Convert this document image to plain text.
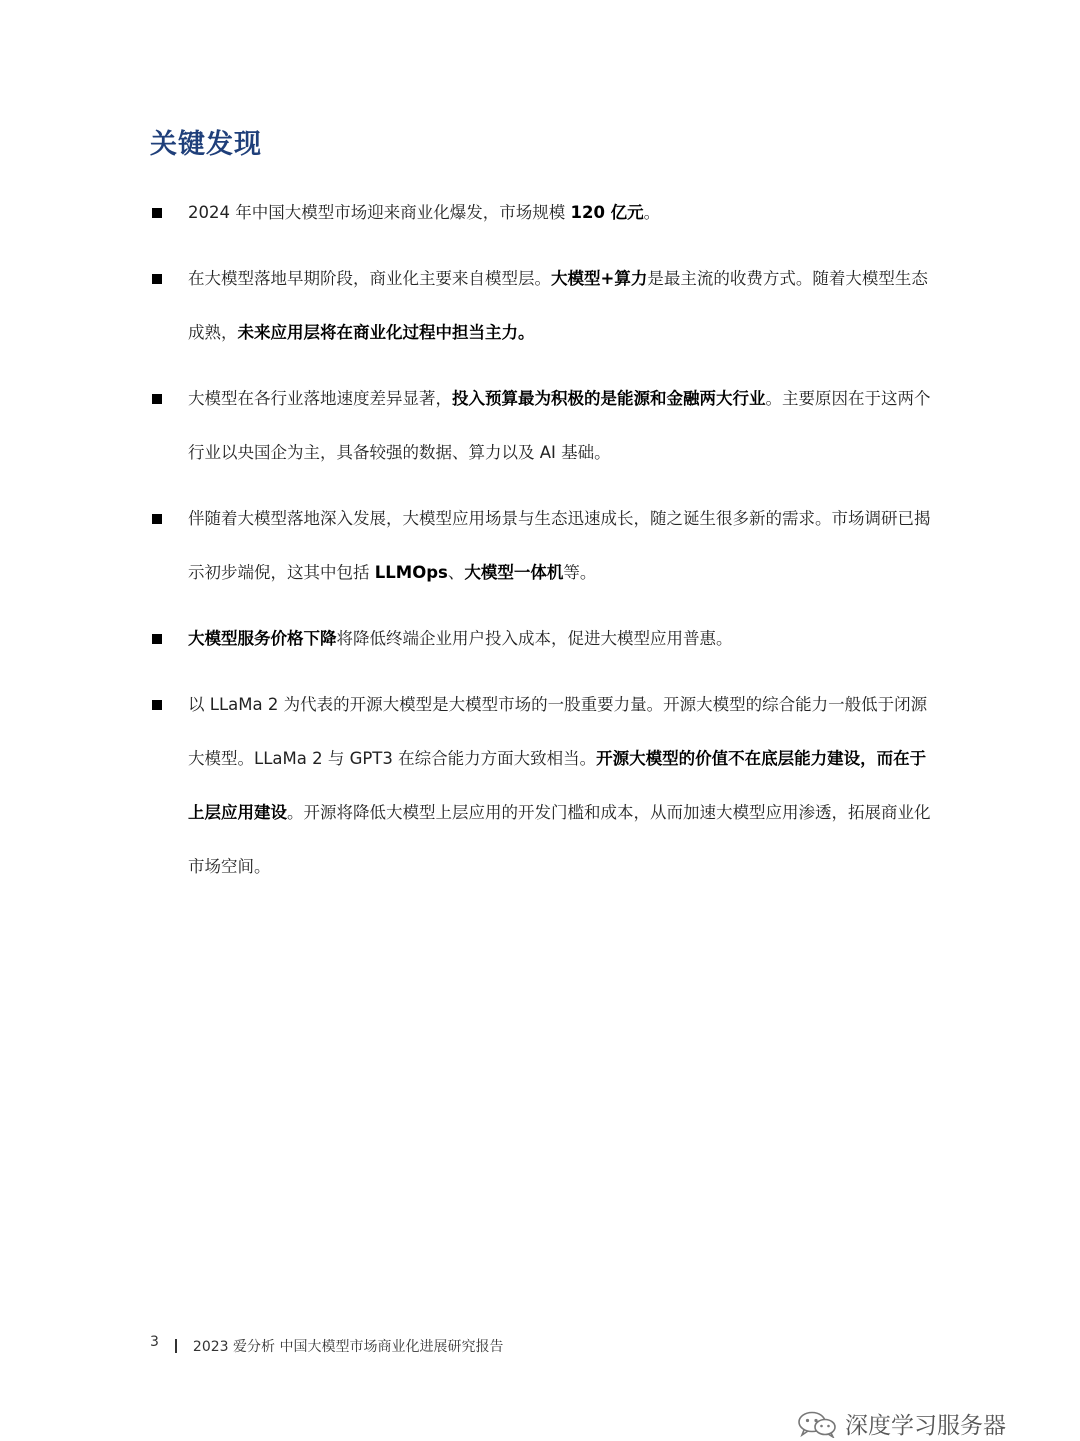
关键发现
2024 年中国大模型市场迎来商业化爆发，市场规模 120 亿元。
在大模型落地早期阶段，商业化主要来自模型层。大模型+算力是最主流的收费方式。随着大模型生态成熟，未来应用层将在商业化过程中担当主力。
大模型在各行业落地速度差异显著，投入预算最为积极的是能源和金融两大行业。主要原因在于这两个行业以央国企为主，具备较强的数据、算力以及 AI 基础。
伴随着大模型落地深入发展，大模型应用场景与生态迅速成长，随之诞生很多新的需求。市场调研已揭示初步端倪，这其中包括 LLMOps、大模型一体机等。
大模型服务价格下降将降低终端企业用户投入成本，促进大模型应用普惠。
以 LLaMa 2 为代表的开源大模型是大模型市场的一股重要力量。开源大模型的综合能力一般低于闭源大模型。LLaMa 2 与 GPT3 在综合能力方面大致相当。开源大模型的价值不在底层能力建设，而在于上层应用建设。开源将降低大模型上层应用的开发门槛和成本，从而加速大模型应用渗透，拓展商业化市场空间。
3 2023 爱分析 中国大模型市场商业化进展研究报告
深度学习服务器
